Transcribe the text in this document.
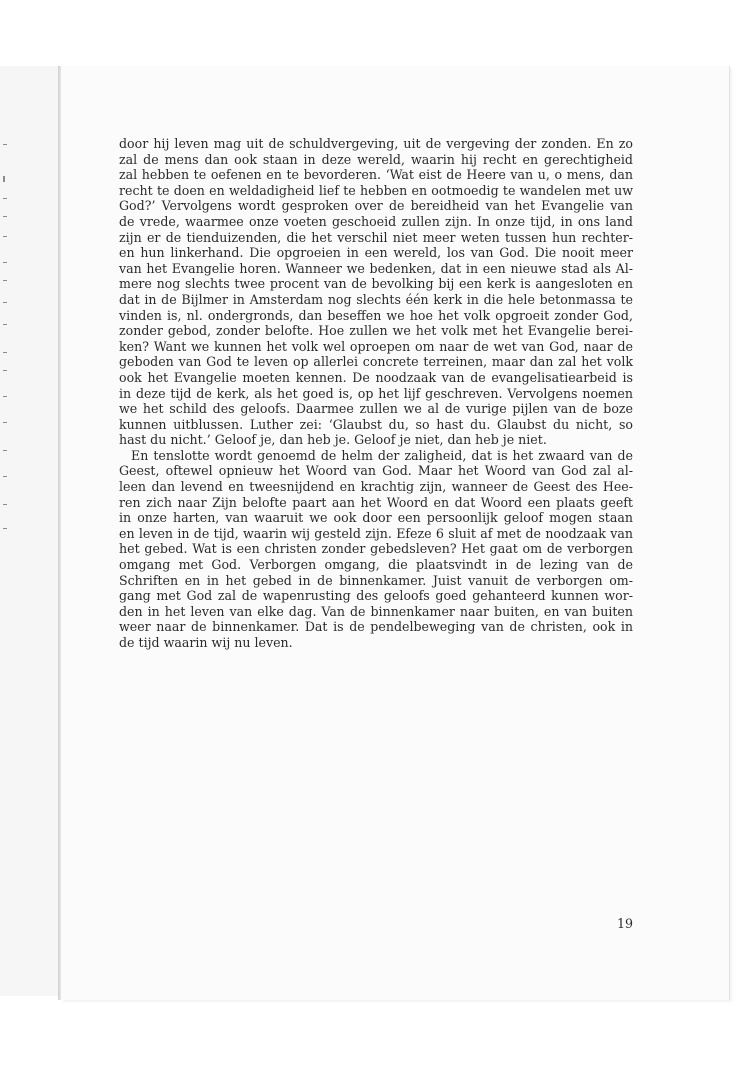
door hij leven mag uit de schuldvergeving, uit de vergeving der zonden. En zo
zal de mens dan ook staan in deze wereld, waarin hij recht en gerechtigheid
zal hebben te oefenen en te bevorderen. ‘Wat eist de Heere van u, o mens, dan
recht te doen en weldadigheid lief te hebben en ootmoedig te wandelen met uw
God?’ Vervolgens wordt gesproken over de bereidheid van het Evangelie van
de vrede, waarmee onze voeten geschoeid zullen zijn. In onze tijd, in ons land
zijn er de tienduizenden, die het verschil niet meer weten tussen hun rechter-
en hun linkerhand. Die opgroeien in een wereld, los van God. Die nooit meer
van het Evangelie horen. Wanneer we bedenken, dat in een nieuwe stad als Al-
mere nog slechts twee procent van de bevolking bij een kerk is aangesloten en
dat in de Bijlmer in Amsterdam nog slechts één kerk in die hele betonmassa te
vinden is, nl. ondergronds, dan beseffen we hoe het volk opgroeit zonder God,
zonder gebod, zonder belofte. Hoe zullen we het volk met het Evangelie berei-
ken? Want we kunnen het volk wel oproepen om naar de wet van God, naar de
geboden van God te leven op allerlei concrete terreinen, maar dan zal het volk
ook het Evangelie moeten kennen. De noodzaak van de evangelisatiearbeid is
in deze tijd de kerk, als het goed is, op het lijf geschreven. Vervolgens noemen
we het schild des geloofs. Daarmee zullen we al de vurige pijlen van de boze
kunnen uitblussen. Luther zei: ‘Glaubst du, so hast du. Glaubst du nicht, so
hast du nicht.’ Geloof je, dan heb je. Geloof je niet, dan heb je niet.

En tenslotte wordt genoemd de helm der zaligheid, dat is het zwaard van de
Geest, oftewel opnieuw het Woord van God. Maar het Woord van God zal al-
leen dan levend en tweesnijdend en krachtig zijn, wanneer de Geest des Hee-
ren zich naar Zijn belofte paart aan het Woord en dat Woord een plaats geeft
in onze harten, van waaruit we ook door een persoonlijk geloof mogen staan
en leven in de tijd, waarin wij gesteld zijn. Efeze 6 sluit af met de noodzaak van
het gebed. Wat is een christen zonder gebedsleven? Het gaat om de verborgen
omgang met God. Verborgen omgang, die plaatsvindt in de lezing van de
Schriften en in het gebed in de binnenkamer. Juist vanuit de verborgen om-
gang met God zal de wapenrusting des geloofs goed gehanteerd kunnen wor-
den in het leven van elke dag. Van de binnenkamer naar buiten, en van buiten
weer naar de binnenkamer. Dat is de pendelbeweging van de christen, ook in
de tijd waarin wij nu leven.

19
